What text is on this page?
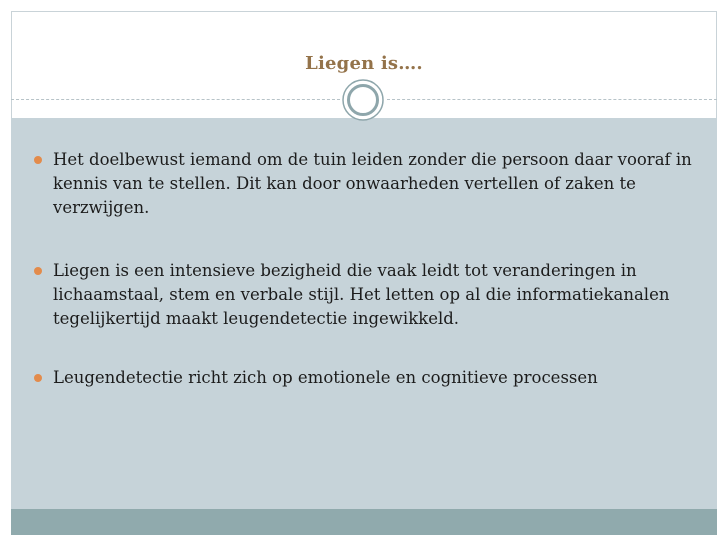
Liegen is….
Het doelbewust iemand om de tuin leiden zonder die persoon daar vooraf in kennis van te stellen. Dit kan door onwaarheden vertellen of zaken te verzwijgen.
Liegen is een intensieve bezigheid die vaak leidt tot veranderingen in lichaamstaal, stem en verbale stijl. Het letten op al die informatiekanalen tegelijkertijd maakt leugendetectie ingewikkeld.
Leugendetectie richt zich op emotionele en cognitieve processen
